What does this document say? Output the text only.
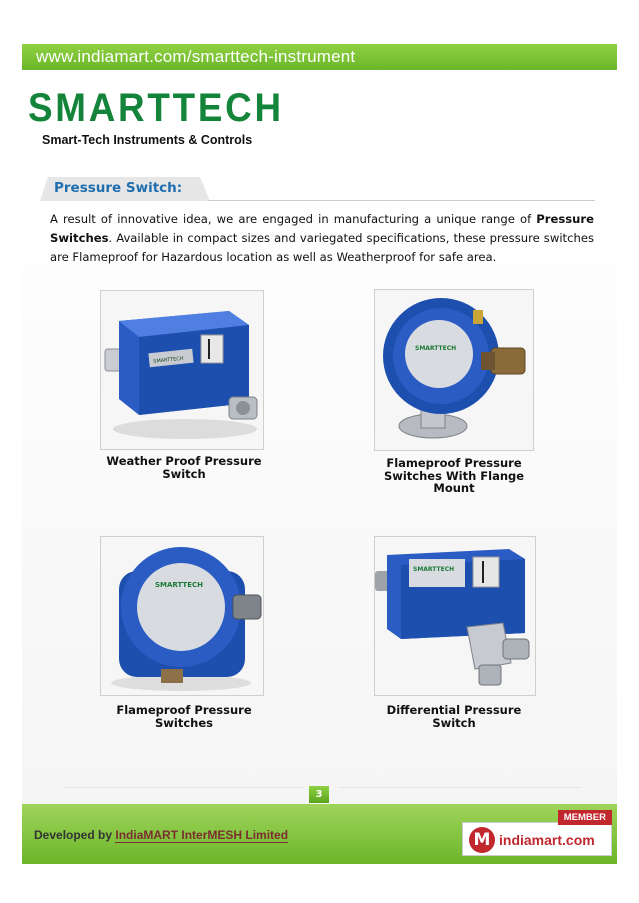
www.indiamart.com/smarttech-instrument
SMARTTECH
Smart-Tech Instruments & Controls
Pressure Switch:

A result of innovative idea, we are engaged in manufacturing a unique range of Pressure Switches. Available in compact sizes and variegated specifications, these pressure switches are Flameproof for Hazardous location as well as Weatherproof for safe area.

SMARTTECH
Weather Proof Pressure
Switch
SMARTTECH
Flameproof Pressure
Switches With Flange
Mount
SMARTTECH
Flameproof Pressure
Switches
SMARTTECH
Differential Pressure
Switch
3
Developed by IndiaMART InterMESH Limited	M indiamart.com
MEMBER
